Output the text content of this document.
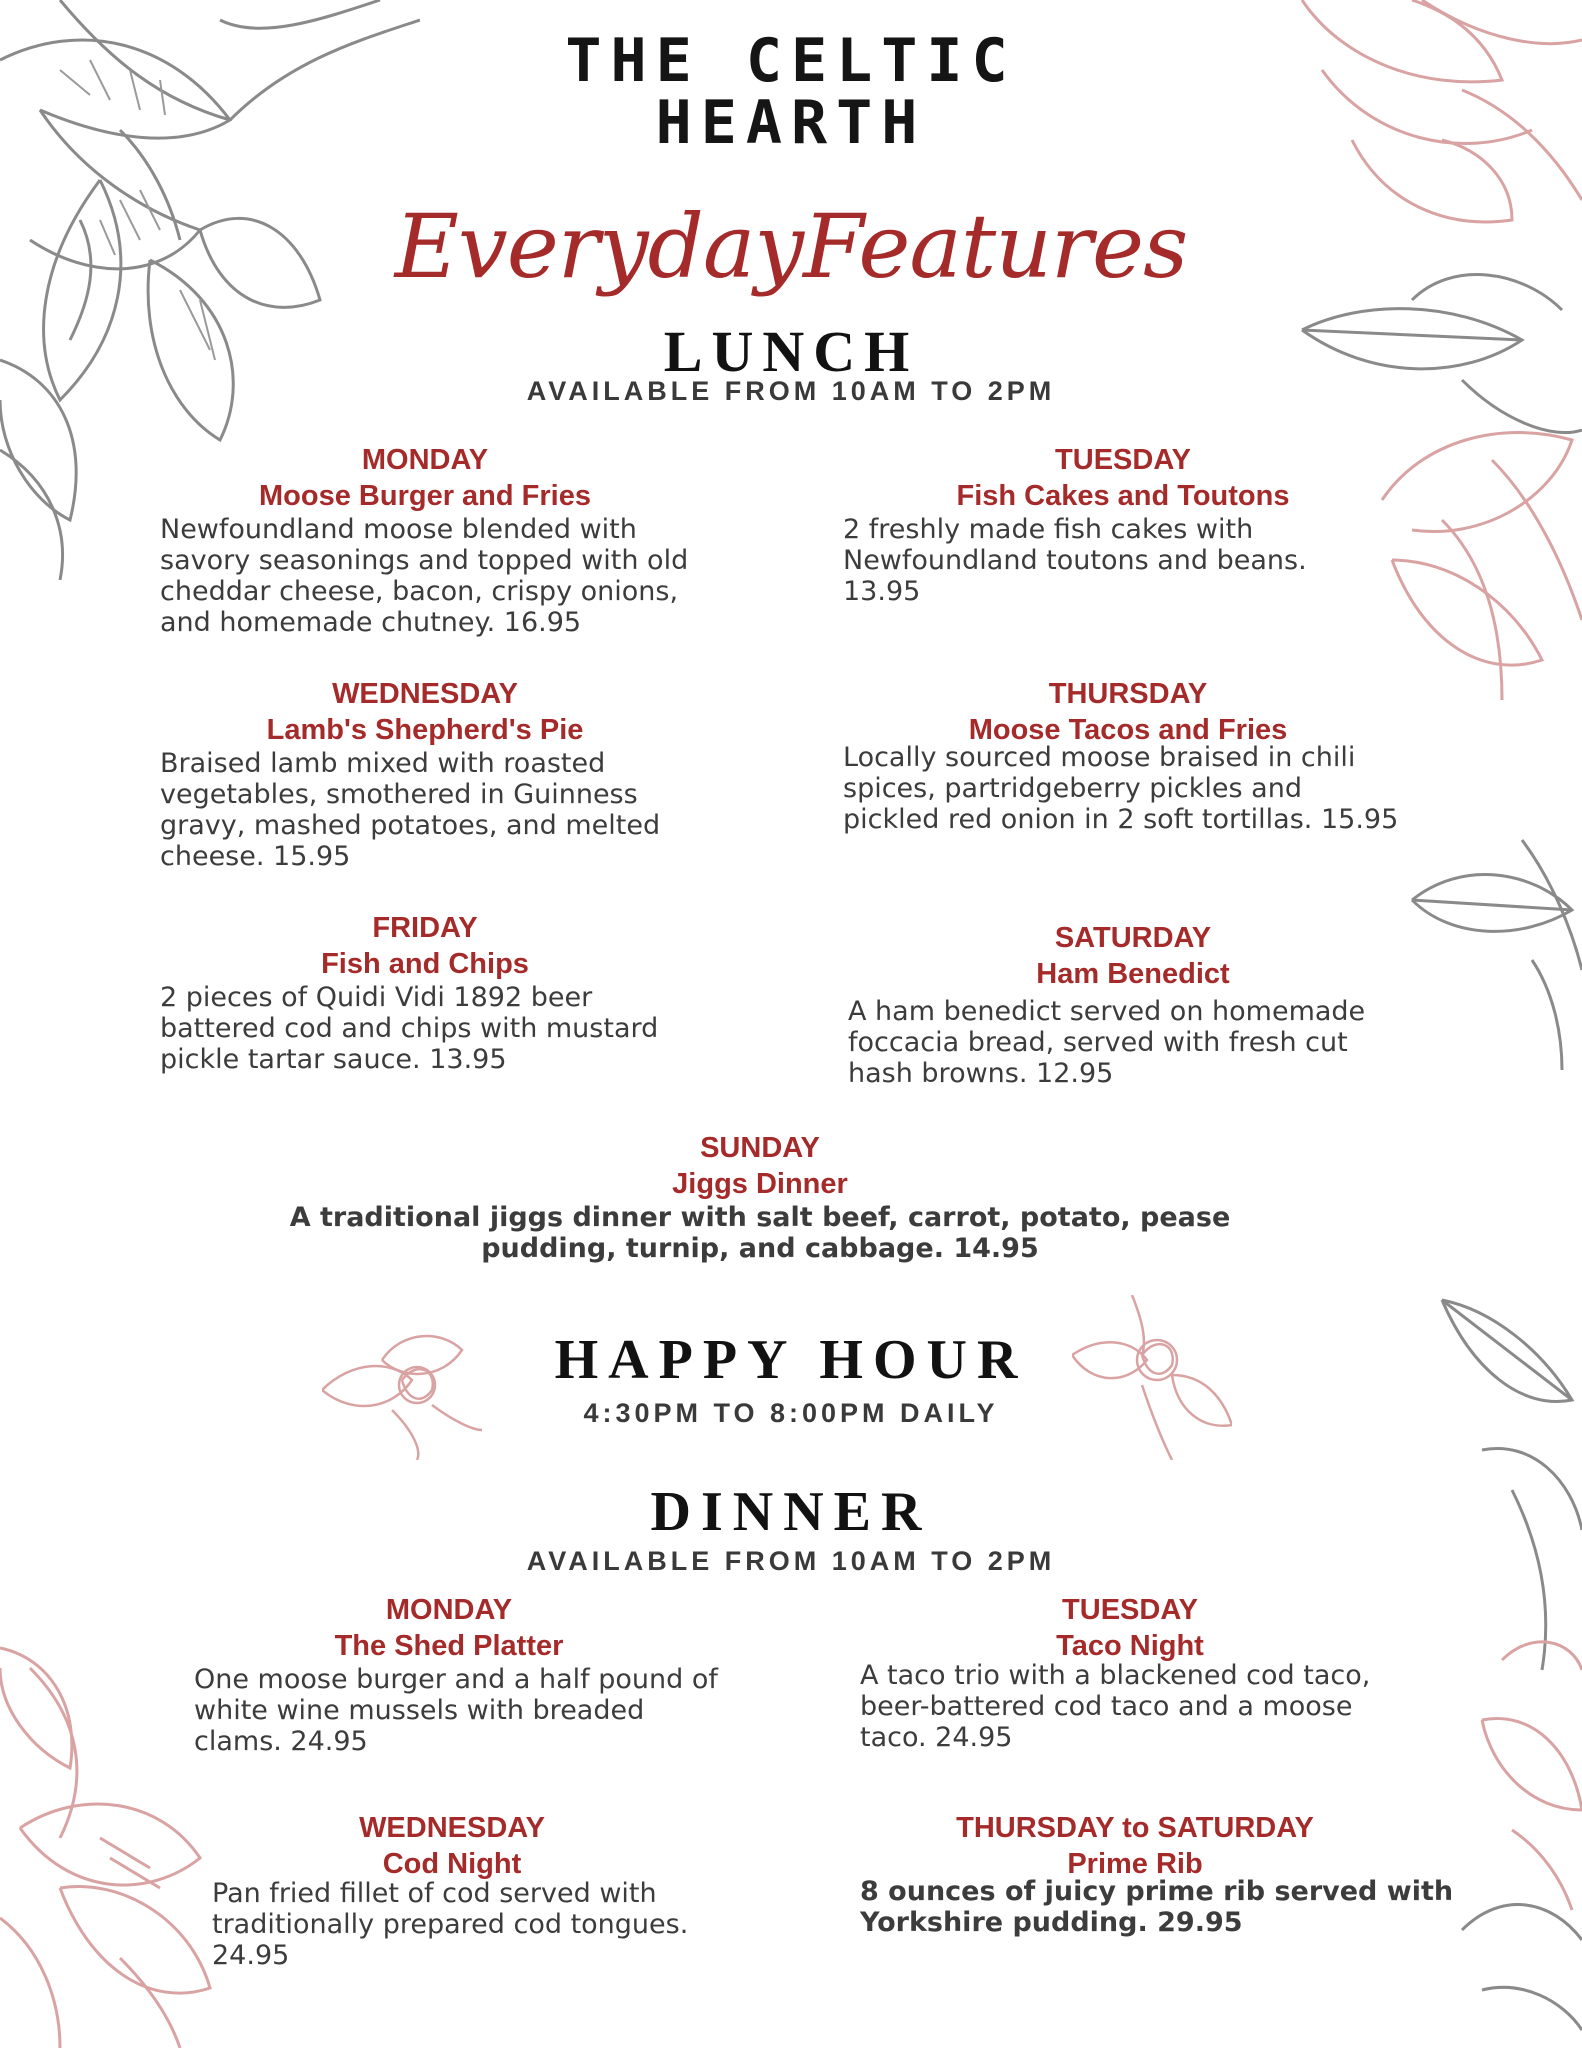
THE CELTIC
HEARTH
EverydayFeatures
LUNCH
AVAILABLE FROM 10AM TO 2PM
MONDAY
Moose Burger and Fries
Newfoundland moose blended with
savory seasonings and topped with old
cheddar cheese, bacon, crispy onions,
and homemade chutney. 16.95
TUESDAY
Fish Cakes and Toutons
2 freshly made fish cakes with
Newfoundland toutons and beans.
13.95
WEDNESDAY
Lamb's Shepherd's Pie
Braised lamb mixed with roasted
vegetables, smothered in Guinness
gravy, mashed potatoes, and melted
cheese. 15.95
THURSDAY
Moose Tacos and Fries
Locally sourced moose braised in chili
spices, partridgeberry pickles and
pickled red onion in 2 soft tortillas. 15.95
FRIDAY
Fish and Chips
2 pieces of Quidi Vidi 1892 beer
battered cod and chips with mustard
pickle tartar sauce. 13.95
SATURDAY
Ham Benedict
A ham benedict served on homemade
foccacia bread, served with fresh cut
hash browns. 12.95
SUNDAY
Jiggs Dinner
A traditional jiggs dinner with salt beef, carrot, potato, pease
pudding, turnip, and cabbage. 14.95
HAPPY HOUR
4:30PM TO 8:00PM DAILY
DINNER
AVAILABLE FROM 10AM TO 2PM
MONDAY
The Shed Platter
One moose burger and a half pound of
white wine mussels with breaded
clams. 24.95
TUESDAY
Taco Night
A taco trio with a blackened cod taco,
beer-battered cod taco and a moose
taco. 24.95
WEDNESDAY
Cod Night
Pan fried fillet of cod served with
traditionally prepared cod tongues.
24.95
THURSDAY to SATURDAY
Prime Rib
8 ounces of juicy prime rib served with
Yorkshire pudding. 29.95
